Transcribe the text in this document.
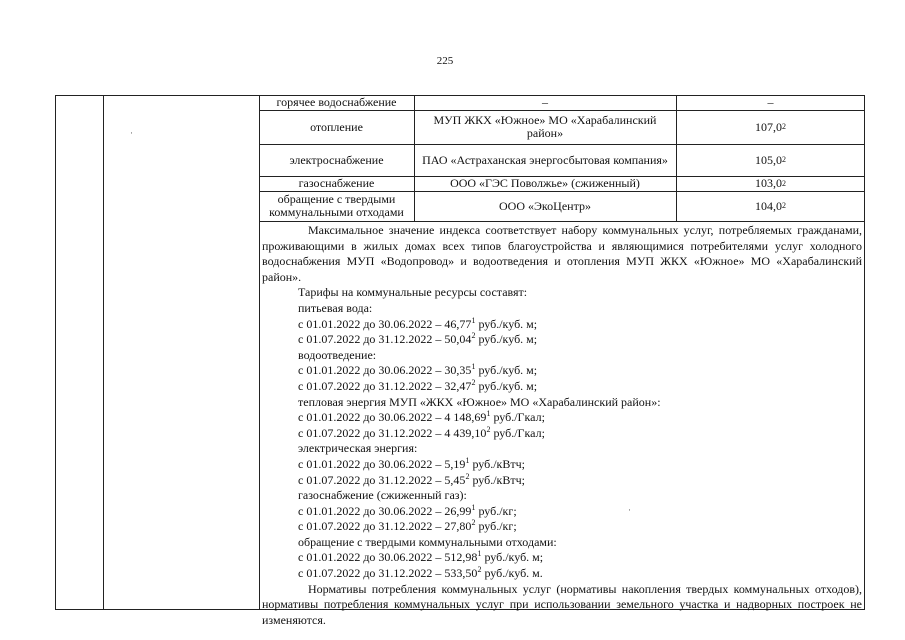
225
горячее водоснабжение	–	–
отопление	МУП ЖКХ «Южное» МО «Харабалинский район»	107,0 2
электроснабжение	ПАО «Астраханская энергосбытовая компания»	105,0 2
газоснабжение	ООО «ГЭС Поволжье» (сжиженный)	103,0 2
обращение с твердыми коммунальными отходами	ООО «ЭкоЦентр»	104,0 2
·
·

Максимальное значение индекса соответствует набору коммунальных услуг, потребляемых гражданами, проживающими в жилых домах всех типов благоустройства и являющимися потребителями услуг холодного водоснабжения МУП «Водопровод» и водоотведения и отопления МУП ЖКХ «Южное» МО «Харабалинский район».

Тарифы на коммунальные ресурсы составят:

питьевая вода:

с 01.01.2022 до 30.06.2022 – 46,77$^1$ руб./куб. м;

с 01.07.2022 до 31.12.2022 – 50,04$^2$ руб./куб. м;

водоотведение:

с 01.01.2022 до 30.06.2022 – 30,35$^1$ руб./куб. м;

с 01.07.2022 до 31.12.2022 – 32,47$^2$ руб./куб. м;

тепловая энергия МУП «ЖКХ «Южное» МО «Харабалинский район»:

с 01.01.2022 до 30.06.2022 – 4 148,69$^1$ руб./Гкал;

с 01.07.2022 до 31.12.2022 – 4 439,10$^2$ руб./Гкал;

электрическая энергия:

с 01.01.2022 до 30.06.2022 – 5,19$^1$ руб./кВтч;

с 01.07.2022 до 31.12.2022 – 5,45$^2$ руб./кВтч;

газоснабжение (сжиженный газ):

с 01.01.2022 до 30.06.2022 – 26,99$^1$ руб./кг;

с 01.07.2022 до 31.12.2022 – 27,80$^2$ руб./кг;

обращение с твердыми коммунальными отходами:

с 01.01.2022 до 30.06.2022 – 512,98$^1$ руб./куб. м;

с 01.07.2022 до 31.12.2022 – 533,50$^2$ руб./куб. м.

Нормативы потребления коммунальных услуг (нормативы накопления твердых коммунальных отходов), нормативы потребления коммунальных услуг при использовании земельного участка и надворных построек не изменяются.
